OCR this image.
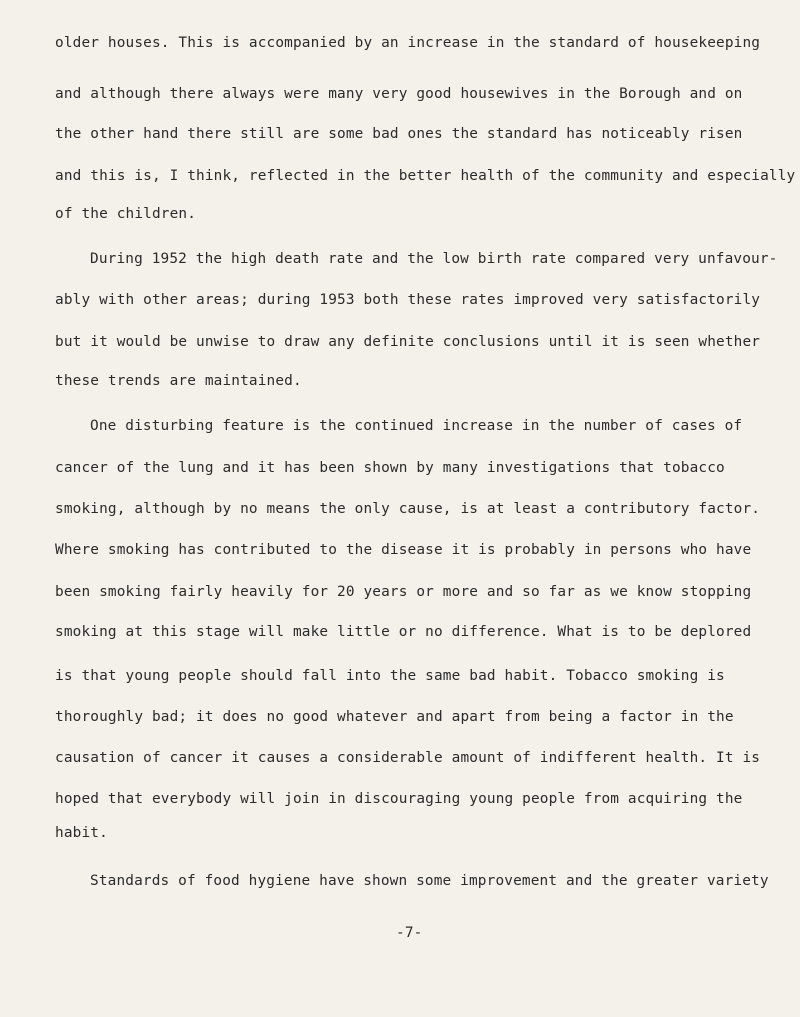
older houses. This is accompanied by an increase in the standard of housekeeping
and although there always were many very good housewives in the Borough and on
the other hand there still are some bad ones the standard has noticeably risen
and this is, I think, reflected in the better health of the community and especially
of the children.
During 1952 the high death rate and the low birth rate compared very unfavour-
ably with other areas; during 1953 both these rates improved very satisfactorily
but it would be unwise to draw any definite conclusions until it is seen whether
these trends are maintained.
One disturbing feature is the continued increase in the number of cases of
cancer of the lung and it has been shown by many investigations that tobacco
smoking, although by no means the only cause, is at least a contributory factor.
Where smoking has contributed to the disease it is probably in persons who have
been smoking fairly heavily for 20 years or more and so far as we know stopping
smoking at this stage will make little or no difference. What is to be deplored
is that young people should fall into the same bad habit. Tobacco smoking is
thoroughly bad; it does no good whatever and apart from being a factor in the
causation of cancer it causes a considerable amount of indifferent health. It is
hoped that everybody will join in discouraging young people from acquiring the
habit.
Standards of food hygiene have shown some improvement and the greater variety
-7-
